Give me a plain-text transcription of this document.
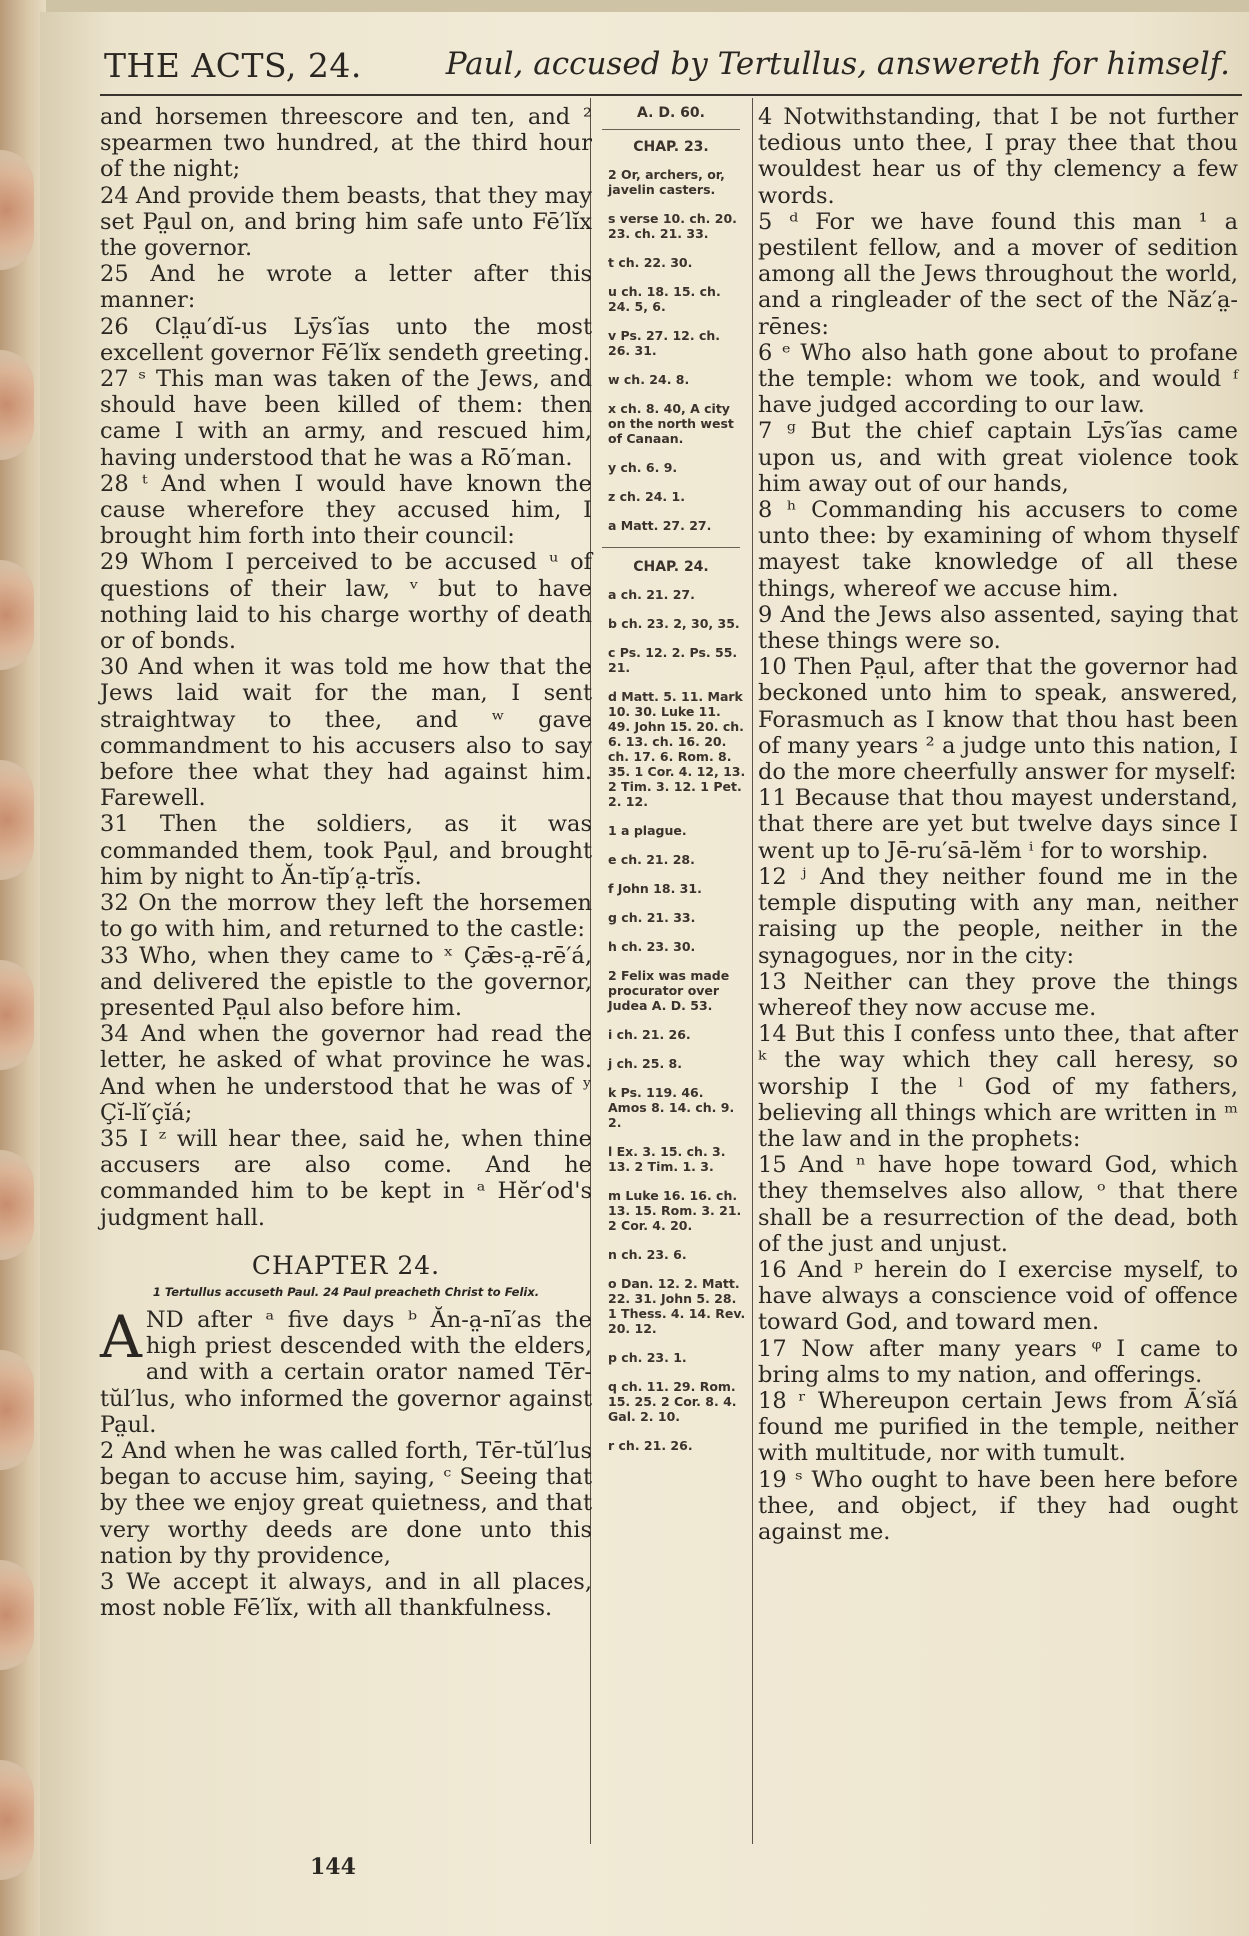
THE ACTS, 24.	Paul, accused by Tertullus, answereth for himself.

and horsemen threescore and ten, and ² spearmen two hundred, at the third hour of the night;

24 And provide them beasts, that they may set Pa̤ul on, and bring him safe unto Fē′lĭx the governor.

25 And he wrote a letter after this manner:

26 Cla̤u′dĭ-us Lȳs′ĭas unto the most excellent governor Fē′lĭx sendeth greeting.

27 ˢ This man was taken of the Jews, and should have been killed of them: then came I with an army, and rescued him, having understood that he was a Rō′man.

28 ᵗ And when I would have known the cause wherefore they accused him, I brought him forth into their council:

29 Whom I perceived to be accused ᵘ of questions of their law, ᵛ but to have nothing laid to his charge worthy of death or of bonds.

30 And when it was told me how that the Jews laid wait for the man, I sent straightway to thee, and ʷ gave commandment to his accusers also to say before thee what they had against him. Farewell.

31 Then the soldiers, as it was commanded them, took Pa̤ul, and brought him by night to Ăn-tĭp′a̤-trĭs.

32 On the morrow they left the horsemen to go with him, and returned to the castle:

33 Who, when they came to ˣ Çǣs-a̤-rē′á, and delivered the epistle to the governor, presented Pa̤ul also before him.

34 And when the governor had read the letter, he asked of what province he was. And when he understood that he was of ʸ Çĭ-lĭ′çĭá;

35 I ᶻ will hear thee, said he, when thine accusers are also come. And he commanded him to be kept in ᵃ Hĕr′od's judgment hall.

CHAPTER 24.
1 Tertullus accuseth Paul. 24 Paul preacheth Christ to Felix.

AND after ᵃ five days ᵇ Ăn-a̤-nī′as the high priest descended with the elders, and with a certain orator named Tēr-tŭl′lus, who informed the governor against Pa̤ul.

2 And when he was called forth, Tēr-tŭl′lus began to accuse him, saying, ᶜ Seeing that by thee we enjoy great quietness, and that very worthy deeds are done unto this nation by thy providence,

3 We accept it always, and in all places, most noble Fē′lĭx, with all thankfulness.

A. D. 60.
CHAP. 23.
2 Or, archers, or, javelin casters.
s verse 10. ch. 20. 23. ch. 21. 33.
t ch. 22. 30.
u ch. 18. 15. ch. 24. 5, 6.
v Ps. 27. 12. ch. 26. 31.
w ch. 24. 8.
x ch. 8. 40, A city on the north west of Canaan.
y ch. 6. 9.
z ch. 24. 1.
a Matt. 27. 27.
CHAP. 24.
a ch. 21. 27.
b ch. 23. 2, 30, 35.
c Ps. 12. 2. Ps. 55. 21.
d Matt. 5. 11. Mark 10. 30. Luke 11. 49. John 15. 20. ch. 6. 13. ch. 16. 20. ch. 17. 6. Rom. 8. 35. 1 Cor. 4. 12, 13. 2 Tim. 3. 12. 1 Pet. 2. 12.
1 a plague.
e ch. 21. 28.
f John 18. 31.
g ch. 21. 33.
h ch. 23. 30.
2 Felix was made procurator over Judea A. D. 53.
i ch. 21. 26.
j ch. 25. 8.
k Ps. 119. 46. Amos 8. 14. ch. 9. 2.
l Ex. 3. 15. ch. 3. 13. 2 Tim. 1. 3.
m Luke 16. 16. ch. 13. 15. Rom. 3. 21. 2 Cor. 4. 20.
n ch. 23. 6.
o Dan. 12. 2. Matt. 22. 31. John 5. 28. 1 Thess. 4. 14. Rev. 20. 12.
p ch. 23. 1.
q ch. 11. 29. Rom. 15. 25. 2 Cor. 8. 4. Gal. 2. 10.
r ch. 21. 26.

4 Notwithstanding, that I be not further tedious unto thee, I pray thee that thou wouldest hear us of thy clemency a few words.

5 ᵈ For we have found this man ¹ a pestilent fellow, and a mover of sedition among all the Jews throughout the world, and a ringleader of the sect of the Năz′a̤-rēnes:

6 ᵉ Who also hath gone about to profane the temple: whom we took, and would ᶠ have judged according to our law.

7 ᵍ But the chief captain Lȳs′ĭas came upon us, and with great violence took him away out of our hands,

8 ʰ Commanding his accusers to come unto thee: by examining of whom thyself mayest take knowledge of all these things, whereof we accuse him.

9 And the Jews also assented, saying that these things were so.

10 Then Pa̤ul, after that the governor had beckoned unto him to speak, answered, Forasmuch as I know that thou hast been of many years ² a judge unto this nation, I do the more cheerfully answer for myself:

11 Because that thou mayest understand, that there are yet but twelve days since I went up to Jē-ru′sā-lĕm ⁱ for to worship.

12 ʲ And they neither found me in the temple disputing with any man, neither raising up the people, neither in the synagogues, nor in the city:

13 Neither can they prove the things whereof they now accuse me.

14 But this I confess unto thee, that after ᵏ the way which they call heresy, so worship I the ˡ God of my fathers, believing all things which are written in ᵐ the law and in the prophets:

15 And ⁿ have hope toward God, which they themselves also allow, ᵒ that there shall be a resurrection of the dead, both of the just and unjust.

16 And ᵖ herein do I exercise myself, to have always a conscience void of offence toward God, and toward men.

17 Now after many years ᵠ I came to bring alms to my nation, and offerings.

18 ʳ Whereupon certain Jews from Ā′sĭá found me purified in the temple, neither with multitude, nor with tumult.

19 ˢ Who ought to have been here before thee, and object, if they had ought against me.

144
